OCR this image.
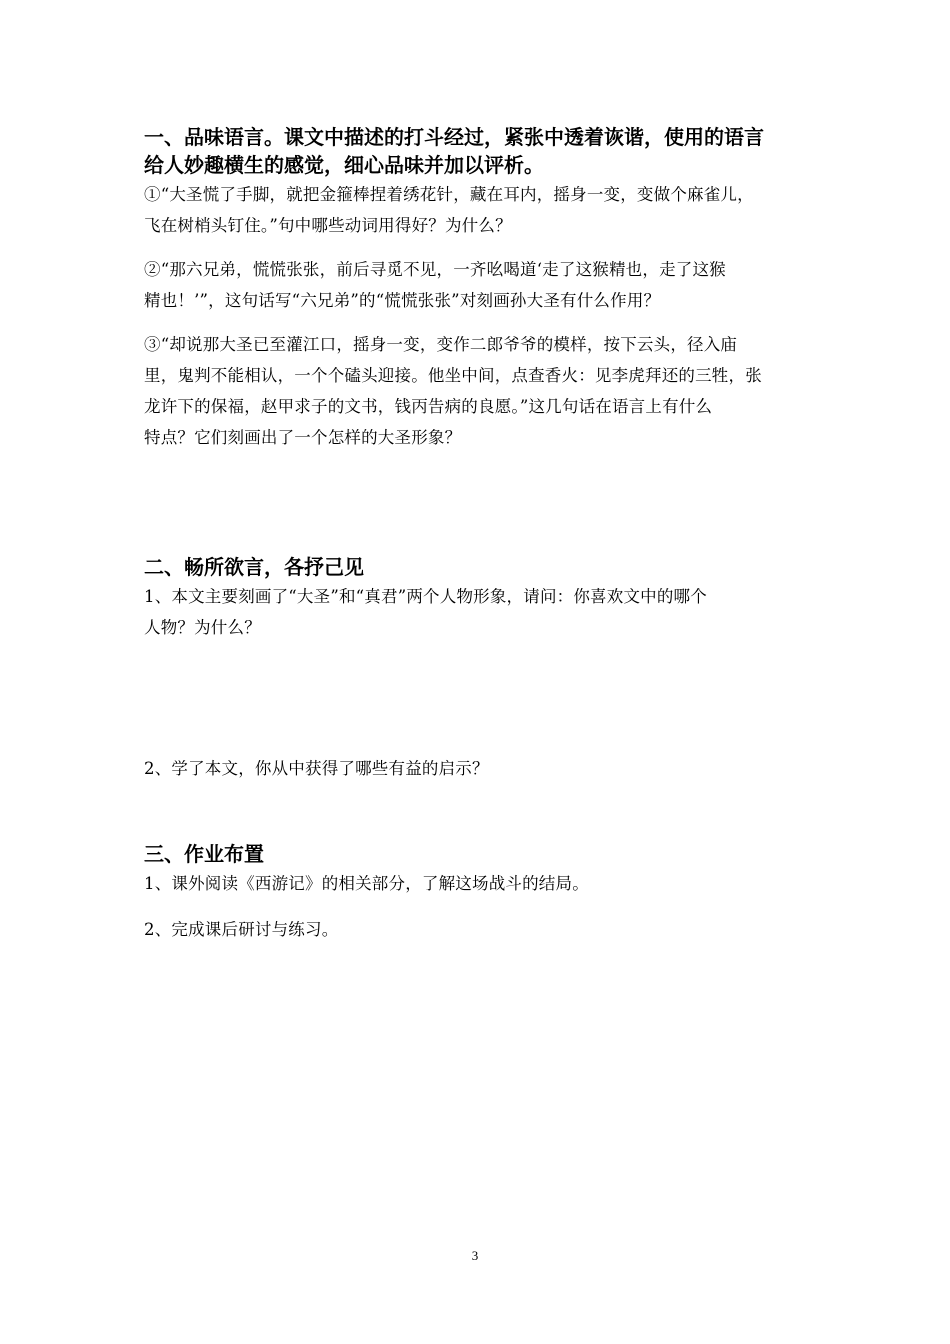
一、品味语言。课文中描述的打斗经过，紧张中透着诙谐，使用的语言
给人妙趣横生的感觉，细心品味并加以评析。

①“大圣慌了手脚，就把金箍棒捏着绣花针，藏在耳内，摇身一变，变做个麻雀儿，
飞在树梢头钉住。”句中哪些动词用得好？为什么？

②“那六兄弟，慌慌张张，前后寻觅不见，一齐吆喝道‘走了这猴精也，走了这猴
精也！’”，这句话写“六兄弟”的“慌慌张张”对刻画孙大圣有什么作用？

③“却说那大圣已至灌江口，摇身一变，变作二郎爷爷的模样，按下云头，径入庙
里，鬼判不能相认，一个个磕头迎接。他坐中间，点查香火：见李虎拜还的三牲，张
龙许下的保福，赵甲求子的文书，钱丙告病的良愿。”这几句话在语言上有什么
特点？它们刻画出了一个怎样的大圣形象？

二、畅所欲言，各抒己见

1、本文主要刻画了“大圣”和“真君”两个人物形象，请问：你喜欢文中的哪个
人物？为什么？

2、学了本文，你从中获得了哪些有益的启示？

三、作业布置

1、课外阅读《西游记》的相关部分，了解这场战斗的结局。

2、完成课后研讨与练习。

3
